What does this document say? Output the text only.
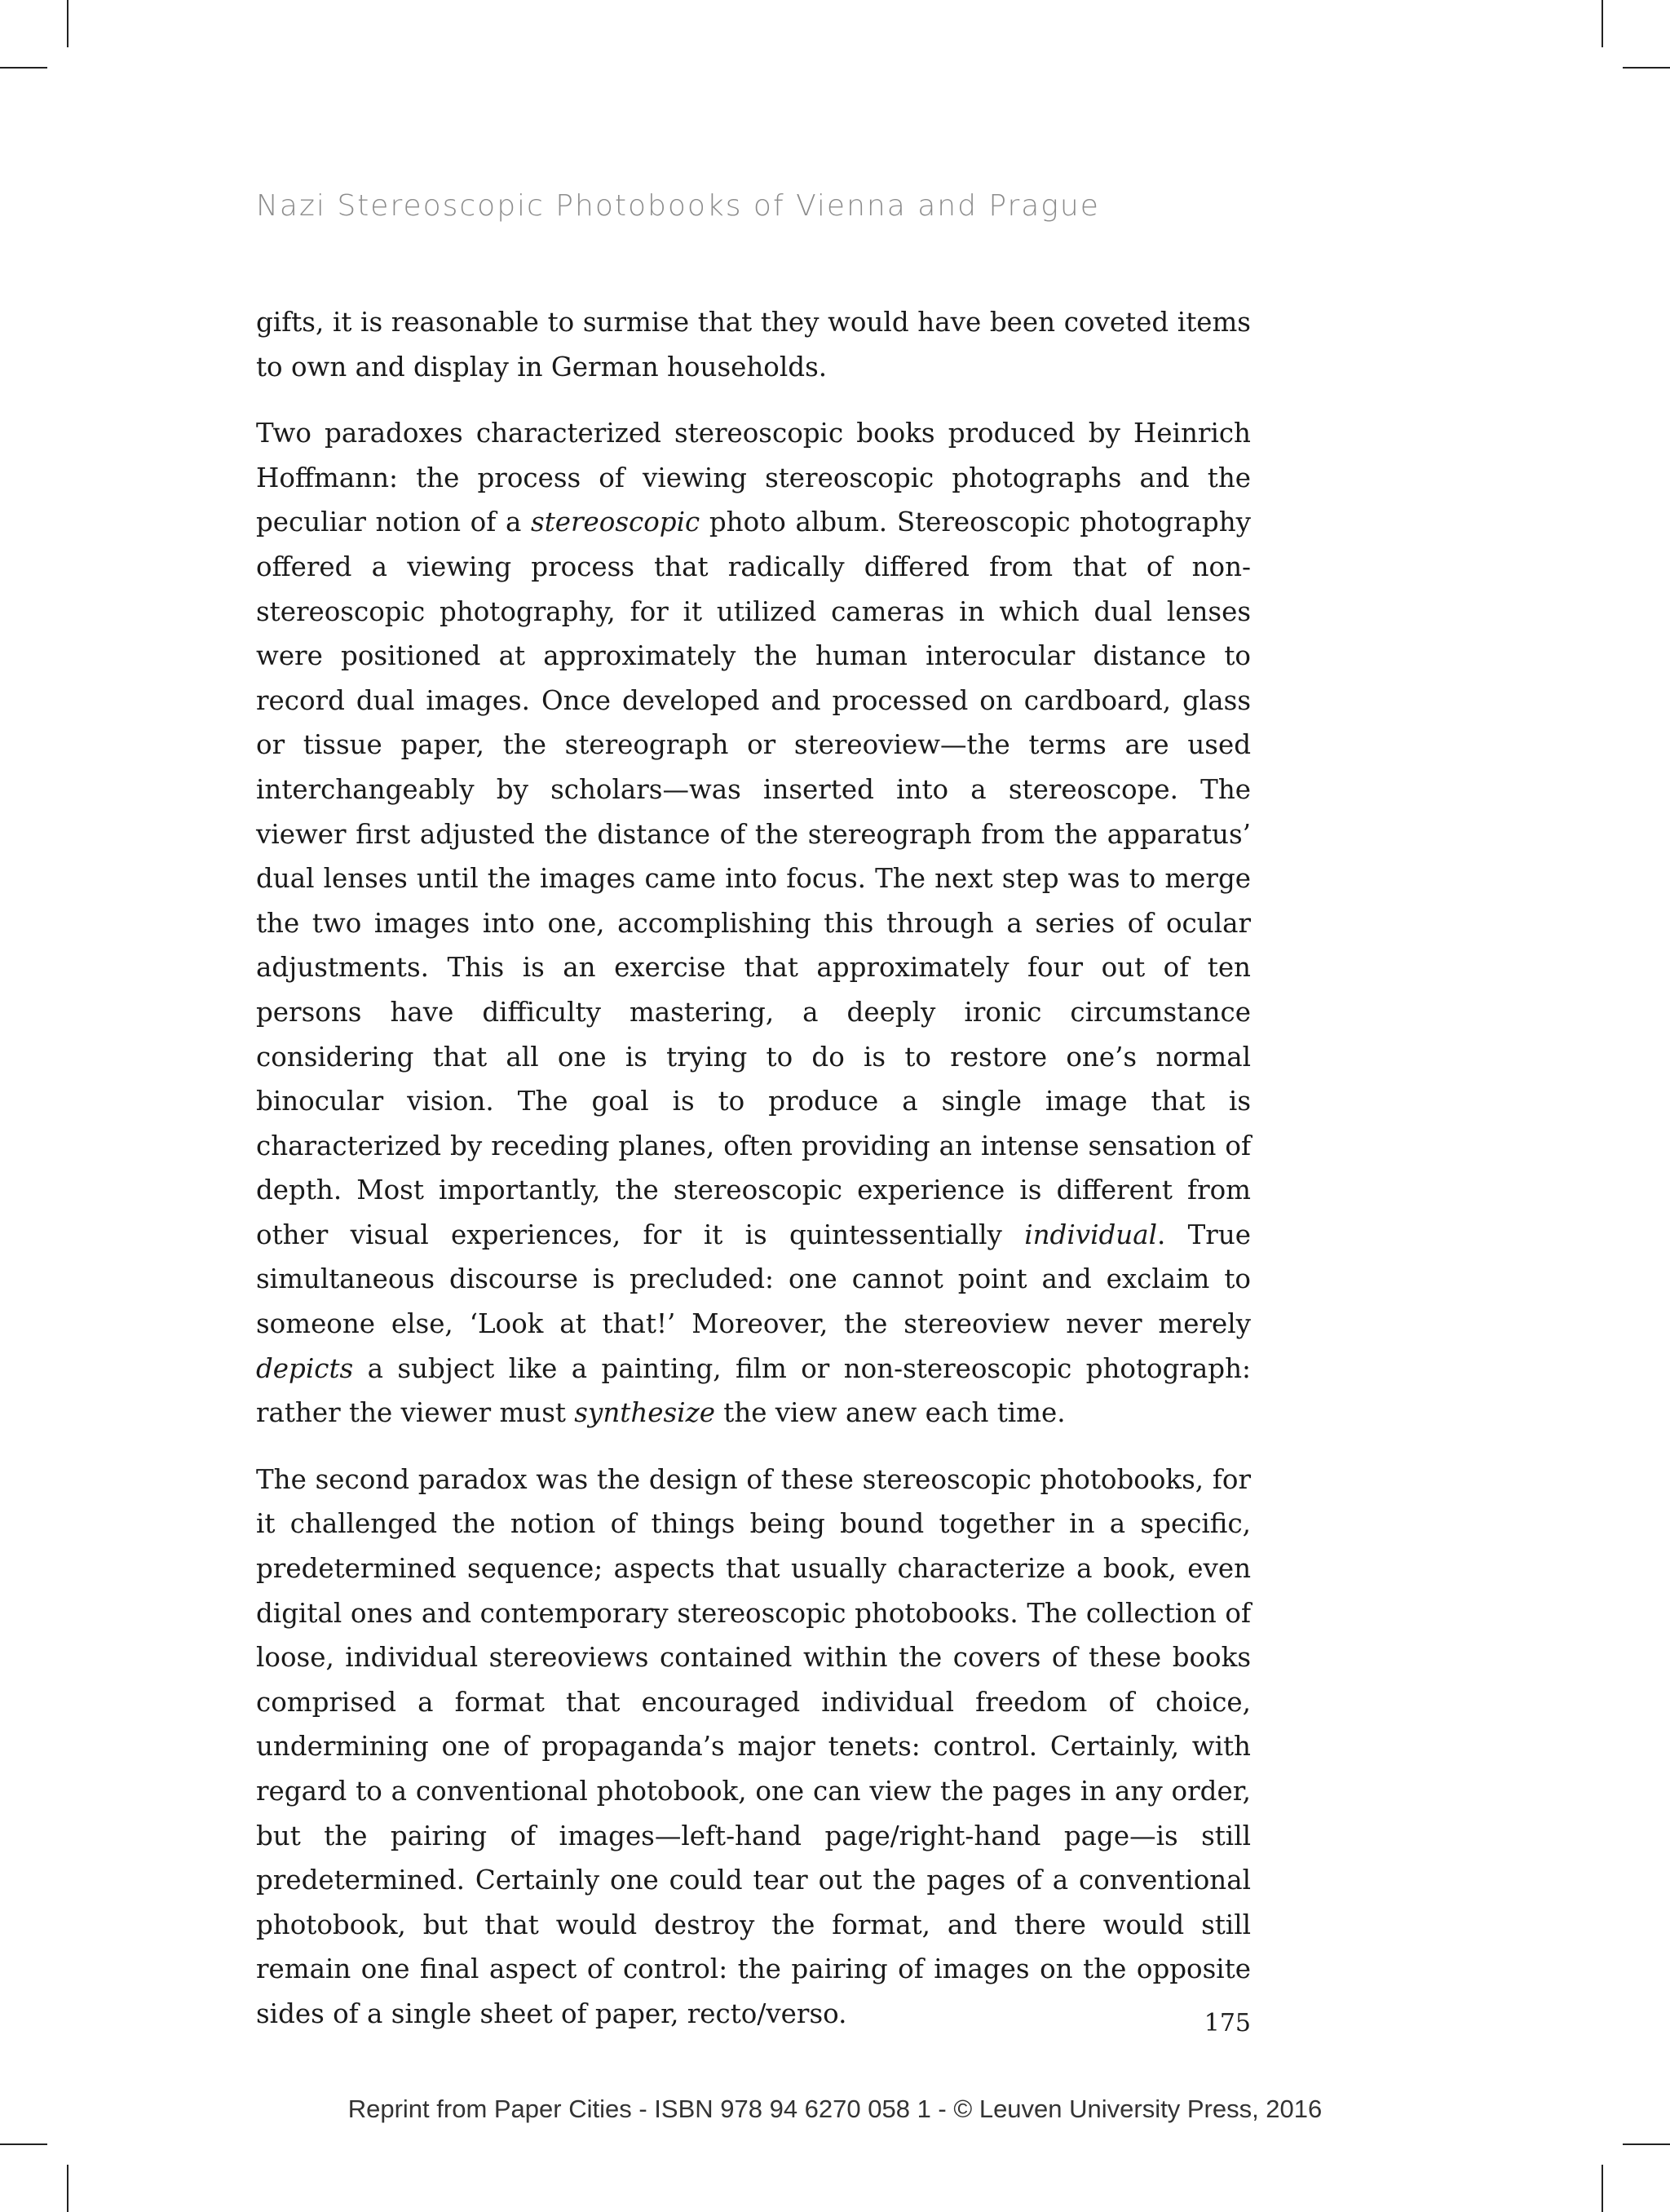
Nazi Stereoscopic Photobooks of Vienna and Prague

gifts, it is reasonable to surmise that they would have been coveted items to own and display in German households.

Two paradoxes characterized stereoscopic books produced by Heinrich Hoffmann: the process of viewing stereoscopic photographs and the peculiar notion of a stereoscopic photo album. Stereoscopic photography offered a viewing process that radically differed from that of non-stereoscopic photography, for it utilized cameras in which dual lenses were positioned at approximately the human interocular distance to record dual images. Once developed and processed on cardboard, glass or tissue paper, the stereograph or stereoview—the terms are used interchangeably by scholars—was inserted into a stereoscope. The viewer first adjusted the distance of the stereograph from the apparatus’ dual lenses until the images came into focus. The next step was to merge the two images into one, accomplishing this through a series of ocular adjustments. This is an exercise that approximately four out of ten persons have difficulty mastering, a deeply ironic circumstance considering that all one is trying to do is to restore one’s normal binocular vision. The goal is to produce a single image that is characterized by receding planes, often providing an intense sensation of depth. Most importantly, the stereoscopic experience is different from other visual experiences, for it is quintessentially individual. True simultaneous discourse is precluded: one cannot point and exclaim to someone else, ‘Look at that!’ Moreover, the stereoview never merely depicts a subject like a painting, film or non-stereoscopic photograph: rather the viewer must synthesize the view anew each time.

The second paradox was the design of these stereoscopic photobooks, for it challenged the notion of things being bound together in a specific, predetermined sequence; aspects that usually characterize a book, even digital ones and contemporary stereoscopic photobooks. The collection of loose, individual stereoviews contained within the covers of these books comprised a format that encouraged individual freedom of choice, undermining one of propaganda’s major tenets: control. Certainly, with regard to a conventional photobook, one can view the pages in any order, but the pairing of images—left-hand page/right-hand page—is still predetermined. Certainly one could tear out the pages of a conventional photobook, but that would destroy the format, and there would still remain one final aspect of control: the pairing of images on the opposite sides of a single sheet of paper, recto/verso.	175
Reprint from Paper Cities - ISBN 978 94 6270 058 1 - © Leuven University Press, 2016
